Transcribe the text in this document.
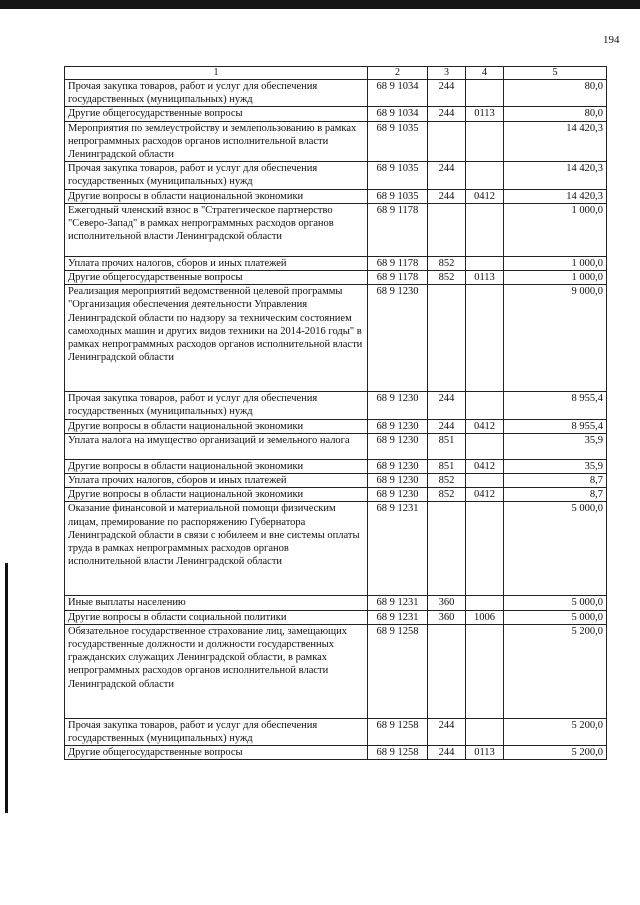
194
1	2	3	4	5
Прочая закупка товаров, работ и услуг для обеспечения государственных (муниципальных) нужд	68 9 1034	244		80,0
Другие общегосударственные вопросы	68 9 1034	244	0113	80,0
Мероприятия по землеустройству и землепользованию в рамках непрограммных расходов органов исполнительной власти Ленинградской области	68 9 1035			14 420,3
Прочая закупка товаров, работ и услуг для обеспечения государственных (муниципальных) нужд	68 9 1035	244		14 420,3
Другие вопросы в области национальной экономики	68 9 1035	244	0412	14 420,3
Ежегодный членский взнос в "Стратегическое партнерство "Северо-Запад" в рамках непрограммных расходов органов исполнительной власти Ленинградской области	68 9 1178			1 000,0
Уплата прочих налогов, сборов и иных платежей	68 9 1178	852		1 000,0
Другие общегосударственные вопросы	68 9 1178	852	0113	1 000,0
Реализация мероприятий ведомственной целевой программы "Организация обеспечения деятельности Управления Ленинградской области по надзору за техническим состоянием самоходных машин и других видов техники на 2014-2016 годы" в рамках непрограммных расходов органов исполнительной власти Ленинградской области	68 9 1230			9 000,0
Прочая закупка товаров, работ и услуг для обеспечения государственных (муниципальных) нужд	68 9 1230	244		8 955,4
Другие вопросы в области национальной экономики	68 9 1230	244	0412	8 955,4
Уплата налога на имущество организаций и земельного налога	68 9 1230	851		35,9
Другие вопросы в области национальной экономики	68 9 1230	851	0412	35,9
Уплата прочих налогов, сборов и иных платежей	68 9 1230	852		8,7
Другие вопросы в области национальной экономики	68 9 1230	852	0412	8,7
Оказание финансовой и материальной помощи физическим лицам, премирование по распоряжению Губернатора Ленинградской области в связи с юбилеем и вне системы оплаты труда в рамках непрограммных расходов органов исполнительной власти Ленинградской области	68 9 1231			5 000,0
Иные выплаты населению	68 9 1231	360		5 000,0
Другие вопросы в области социальной политики	68 9 1231	360	1006	5 000,0
Обязательное государственное страхование лиц, замещающих государственные должности и должности государственных гражданских служащих Ленинградской области, в рамках непрограммных расходов органов исполнительной власти Ленинградской области	68 9 1258			5 200,0
Прочая закупка товаров, работ и услуг для обеспечения государственных (муниципальных) нужд	68 9 1258	244		5 200,0
Другие общегосударственные вопросы	68 9 1258	244	0113	5 200,0
